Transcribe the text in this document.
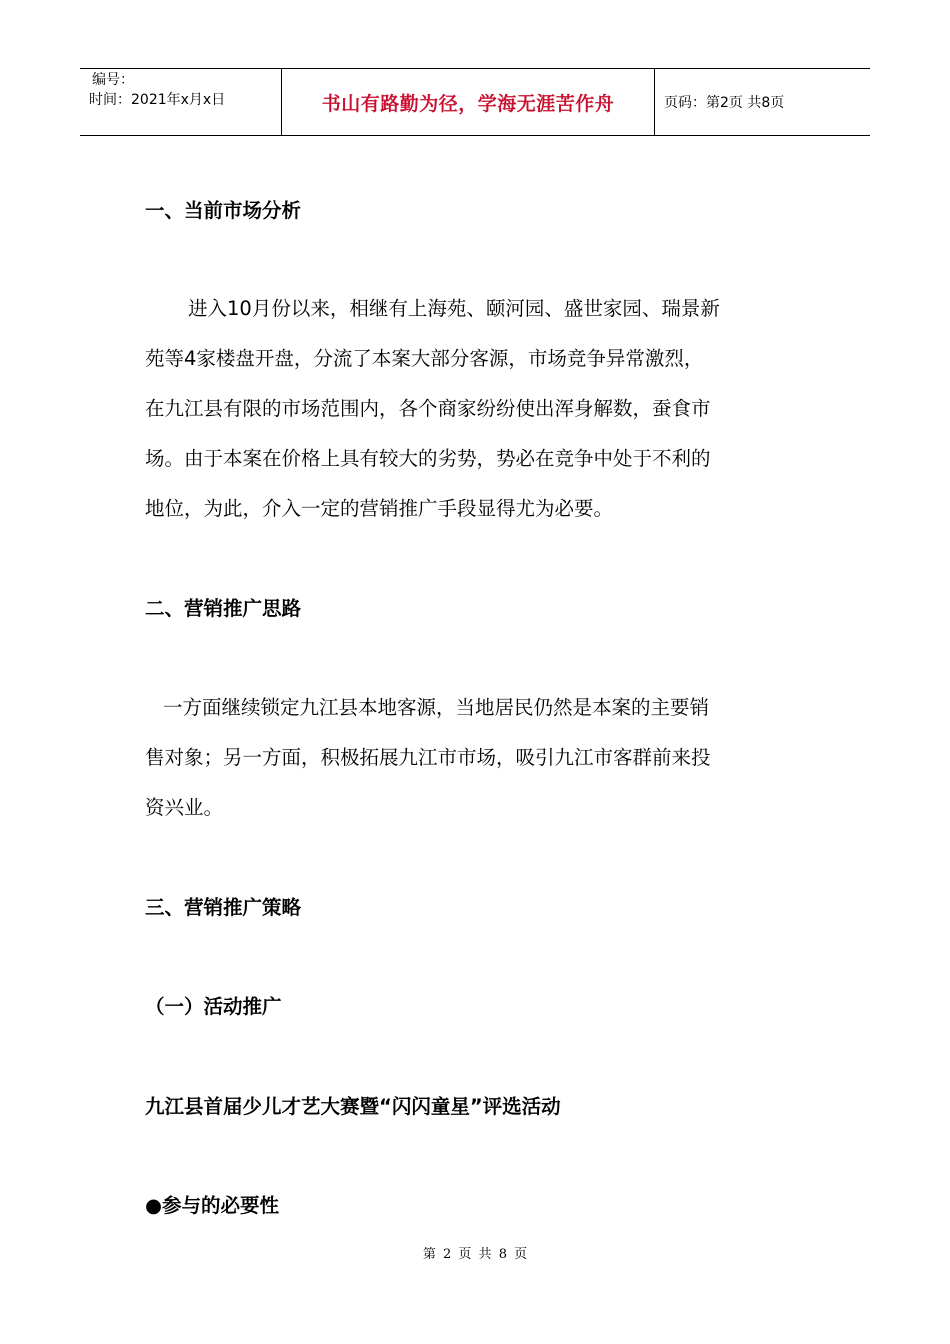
编号：
时间：2021年x月x日	书山有路勤为径，学海无涯苦作舟	页码：第2页 共8页
一、当前市场分析
进入10月份以来，相继有上海苑、颐河园、盛世家园、瑞景新
苑等4家楼盘开盘，分流了本案大部分客源，市场竞争异常激烈，
在九江县有限的市场范围内，各个商家纷纷使出浑身解数，蚕食市
场。由于本案在价格上具有较大的劣势，势必在竞争中处于不利的
地位，为此，介入一定的营销推广手段显得尤为必要。
二、营销推广思路
一方面继续锁定九江县本地客源，当地居民仍然是本案的主要销
售对象；另一方面，积极拓展九江市市场，吸引九江市客群前来投
资兴业。
三、营销推广策略
（一）活动推广
九江县首届少儿才艺大赛暨“闪闪童星”评选活动
●参与的必要性
第 2 页 共 8 页
